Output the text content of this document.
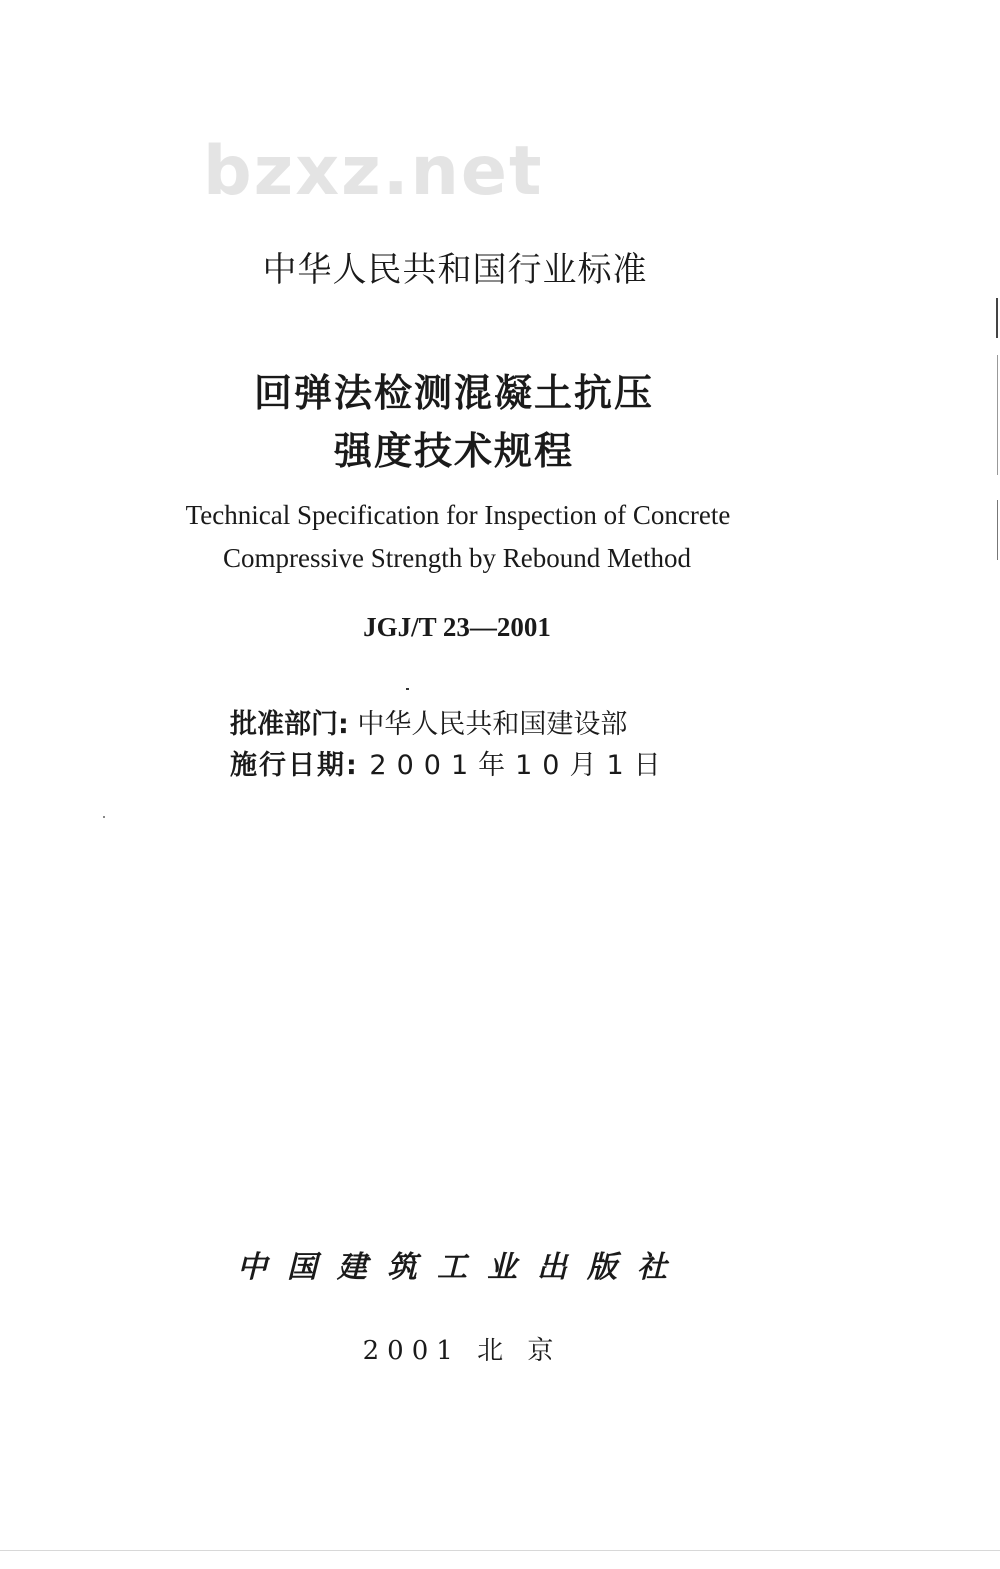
bzxz.net
中华人民共和国行业标准
回弹法检测混凝土抗压
强度技术规程
Technical Specification for Inspection of Concrete
Compressive Strength by Rebound Method
JGJ/T 23—2001
批准部门: 中华人民共和国建设部
施行日期: 2001年10月1日
中国建筑工业出版社
2001 北 京
